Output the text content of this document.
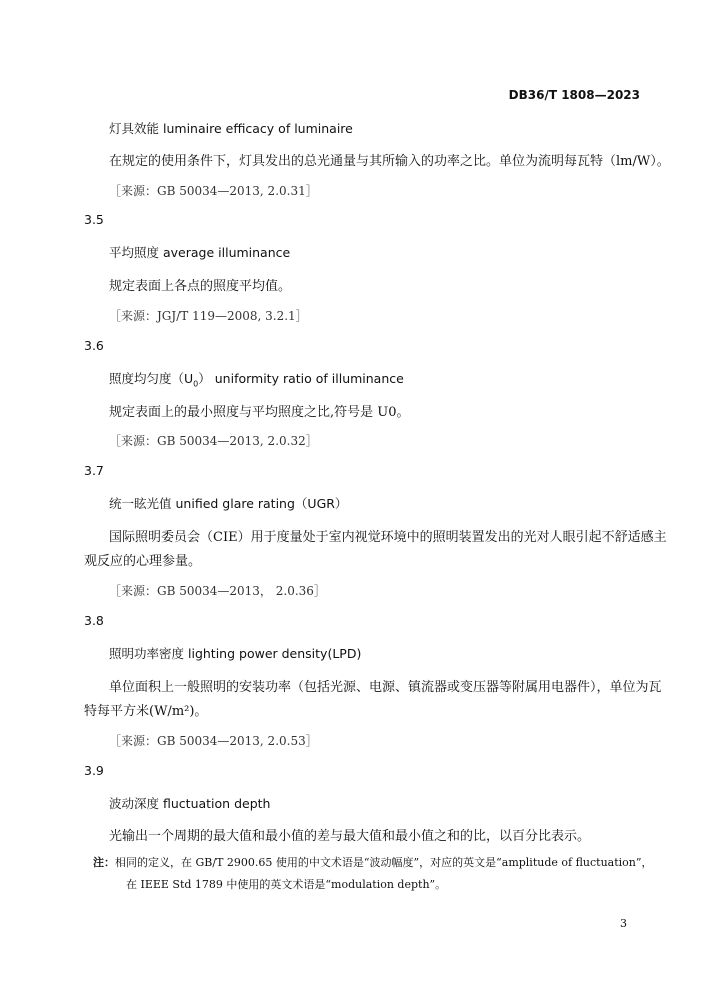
DB36/T 1808—2023
灯具效能 luminaire efficacy of luminaire
在规定的使用条件下，灯具发出的总光通量与其所输入的功率之比。单位为流明每瓦特（lm/W）。
［来源：GB 50034—2013, 2.0.31］
3.5
平均照度 average illuminance
规定表面上各点的照度平均值。
［来源：JGJ/T 119—2008, 3.2.1］
3.6
照度均匀度$(U_0)$ uniformity ratio of illuminance
规定表面上的最小照度与平均照度之比,符号是 U0。
［来源：GB 50034—2013, 2.0.32］
3.7
统一眩光值 unified glare rating（UGR）
国际照明委员会（CIE）用于度量处于室内视觉环境中的照明装置发出的光对人眼引起不舒适感主
观反应的心理参量。
［来源：GB 50034—2013， 2.0.36］
3.8
照明功率密度 lighting power density(LPD)
单位面积上一般照明的安装功率（包括光源、电源、镇流器或变压器等附属用电器件），单位为瓦
特每平方米(W/m²)。
［来源：GB 50034—2013, 2.0.53］
3.9
波动深度 fluctuation depth
光输出一个周期的最大值和最小值的差与最大值和最小值之和的比，以百分比表示。
注：相同的定义，在 GB/T 2900.65 使用的中文术语是“波动幅度”，对应的英文是“amplitude of fluctuation”，
在 IEEE Std 1789 中使用的英文术语是“modulation depth”。
3
